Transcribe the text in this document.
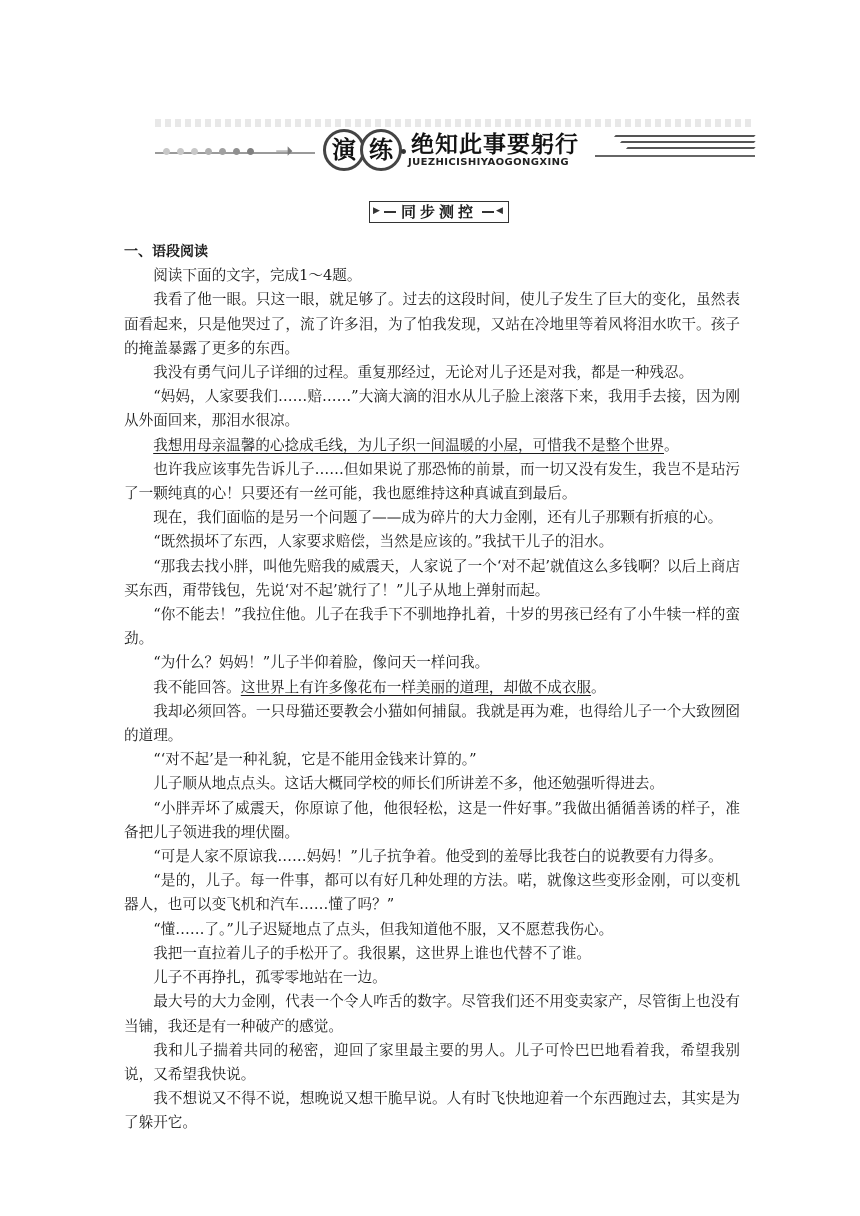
➝	演 练 绝知此事要躬行
JUEZHICISHIYAOGONGXING
▶	同步测控	◀

一、语段阅读

阅读下面的文字，完成1～4题。

我看了他一眼。只这一眼，就足够了。过去的这段时间，使儿子发生了巨大的变化，虽然表面看起来，只是他哭过了，流了许多泪，为了怕我发现，又站在冷地里等着风将泪水吹干。孩子的掩盖暴露了更多的东西。

我没有勇气问儿子详细的过程。重复那经过，无论对儿子还是对我，都是一种残忍。

“妈妈，人家要我们……赔……”大滴大滴的泪水从儿子脸上滚落下来，我用手去接，因为刚从外面回来，那泪水很凉。

我想用母亲温馨的心捻成毛线，为儿子织一间温暖的小屋，可惜我不是整个世界。

也许我应该事先告诉儿子……但如果说了那恐怖的前景，而一切又没有发生，我岂不是玷污了一颗纯真的心！只要还有一丝可能，我也愿维持这种真诚直到最后。

现在，我们面临的是另一个问题了——成为碎片的大力金刚，还有儿子那颗有折痕的心。

“既然损坏了东西，人家要求赔偿，当然是应该的。”我拭干儿子的泪水。

“那我去找小胖，叫他先赔我的威震天，人家说了一个‘对不起’就值这么多钱啊？以后上商店买东西，甭带钱包，先说‘对不起’就行了！”儿子从地上弹射而起。

“你不能去！”我拉住他。儿子在我手下不驯地挣扎着，十岁的男孩已经有了小牛犊一样的蛮劲。

“为什么？妈妈！”儿子半仰着脸，像问天一样问我。

我不能回答。这世界上有许多像花布一样美丽的道理，却做不成衣服。

我却必须回答。一只母猫还要教会小猫如何捕鼠。我就是再为难，也得给儿子一个大致囫囵的道理。

“‘对不起’是一种礼貌，它是不能用金钱来计算的。”

儿子顺从地点点头。这话大概同学校的师长们所讲差不多，他还勉强听得进去。

“小胖弄坏了威震天，你原谅了他，他很轻松，这是一件好事。”我做出循循善诱的样子，准备把儿子领进我的埋伏圈。

“可是人家不原谅我……妈妈！”儿子抗争着。他受到的羞辱比我苍白的说教要有力得多。

“是的，儿子。每一件事，都可以有好几种处理的方法。喏，就像这些变形金刚，可以变机器人，也可以变飞机和汽车……懂了吗？”

“懂……了。”儿子迟疑地点了点头，但我知道他不服，又不愿惹我伤心。

我把一直拉着儿子的手松开了。我很累，这世界上谁也代替不了谁。

儿子不再挣扎，孤零零地站在一边。

最大号的大力金刚，代表一个令人咋舌的数字。尽管我们还不用变卖家产，尽管街上也没有当铺，我还是有一种破产的感觉。

我和儿子揣着共同的秘密，迎回了家里最主要的男人。儿子可怜巴巴地看着我，希望我别说，又希望我快说。

我不想说又不得不说，想晚说又想干脆早说。人有时飞快地迎着一个东西跑过去，其实是为了躲开它。
